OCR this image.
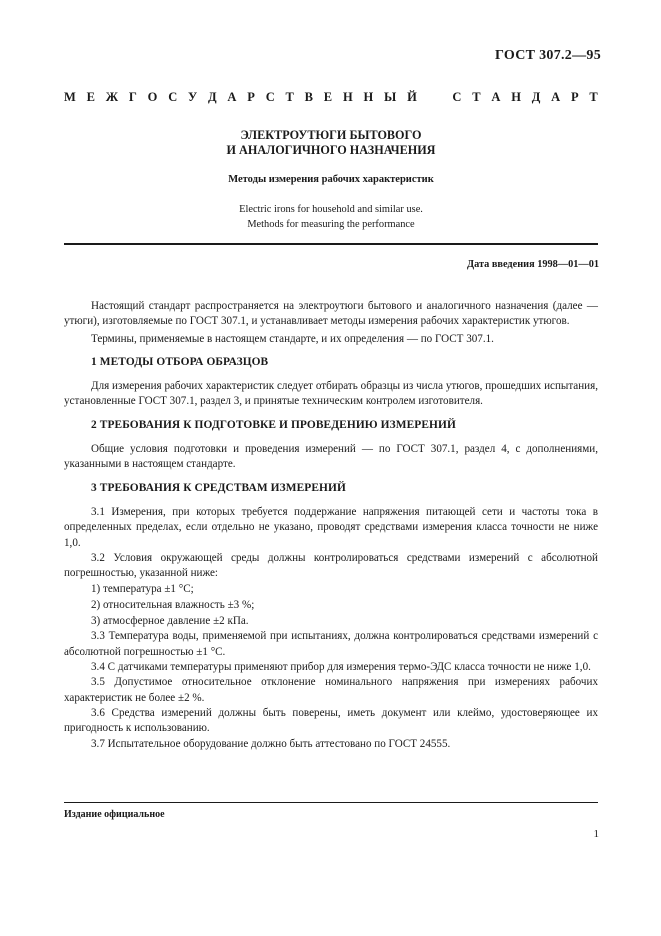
ГОСТ 307.2—95
М Е Ж Г О С У Д А Р С Т В Е Н Н Ы Й	С Т А Н Д А Р Т
ЭЛЕКТРОУТЮГИ БЫТОВОГО
И АНАЛОГИЧНОГО НАЗНАЧЕНИЯ
Методы измерения рабочих характеристик
Electric irons for household and similar use.
Methods for measuring the performance
Дата введения 1998—01—01

Настоящий стандарт распространяется на электроутюги бытового и аналогичного назначения (далее — утюги), изготовляемые по ГОСТ 307.1, и устанавливает методы измерения рабочих характеристик утюгов.

Термины, применяемые в настоящем стандарте, и их определения — по ГОСТ 307.1.

1 МЕТОДЫ ОТБОРА ОБРАЗЦОВ

Для измерения рабочих характеристик следует отбирать образцы из числа утюгов, прошедших испытания, установленные ГОСТ 307.1, раздел 3, и принятые техническим контролем изготовителя.

2 ТРЕБОВАНИЯ К ПОДГОТОВКЕ И ПРОВЕДЕНИЮ ИЗМЕРЕНИЙ

Общие условия подготовки и проведения измерений — по ГОСТ 307.1, раздел 4, с дополнениями, указанными в настоящем стандарте.

3 ТРЕБОВАНИЯ К СРЕДСТВАМ ИЗМЕРЕНИЙ

3.1 Измерения, при которых требуется поддержание напряжения питающей сети и частоты тока в определенных пределах, если отдельно не указано, проводят средствами измерения класса точности не ниже 1,0.

3.2 Условия окружающей среды должны контролироваться средствами измерений с абсолютной погрешностью, указанной ниже:

1) температура ±1 °С;
2) относительная влажность ±3 %;
3) атмосферное давление ±2 кПа.

3.3 Температура воды, применяемой при испытаниях, должна контролироваться средствами измерений с абсолютной погрешностью ±1 °С.

3.4 С датчиками температуры применяют прибор для измерения термо-ЭДС класса точности не ниже 1,0.

3.5 Допустимое относительное отклонение номинального напряжения при измерениях рабочих характеристик не более ±2 %.

3.6 Средства измерений должны быть поверены, иметь документ или клеймо, удостоверяющее их пригодность к использованию.

3.7 Испытательное оборудование должно быть аттестовано по ГОСТ 24555.

Издание официальное
1
